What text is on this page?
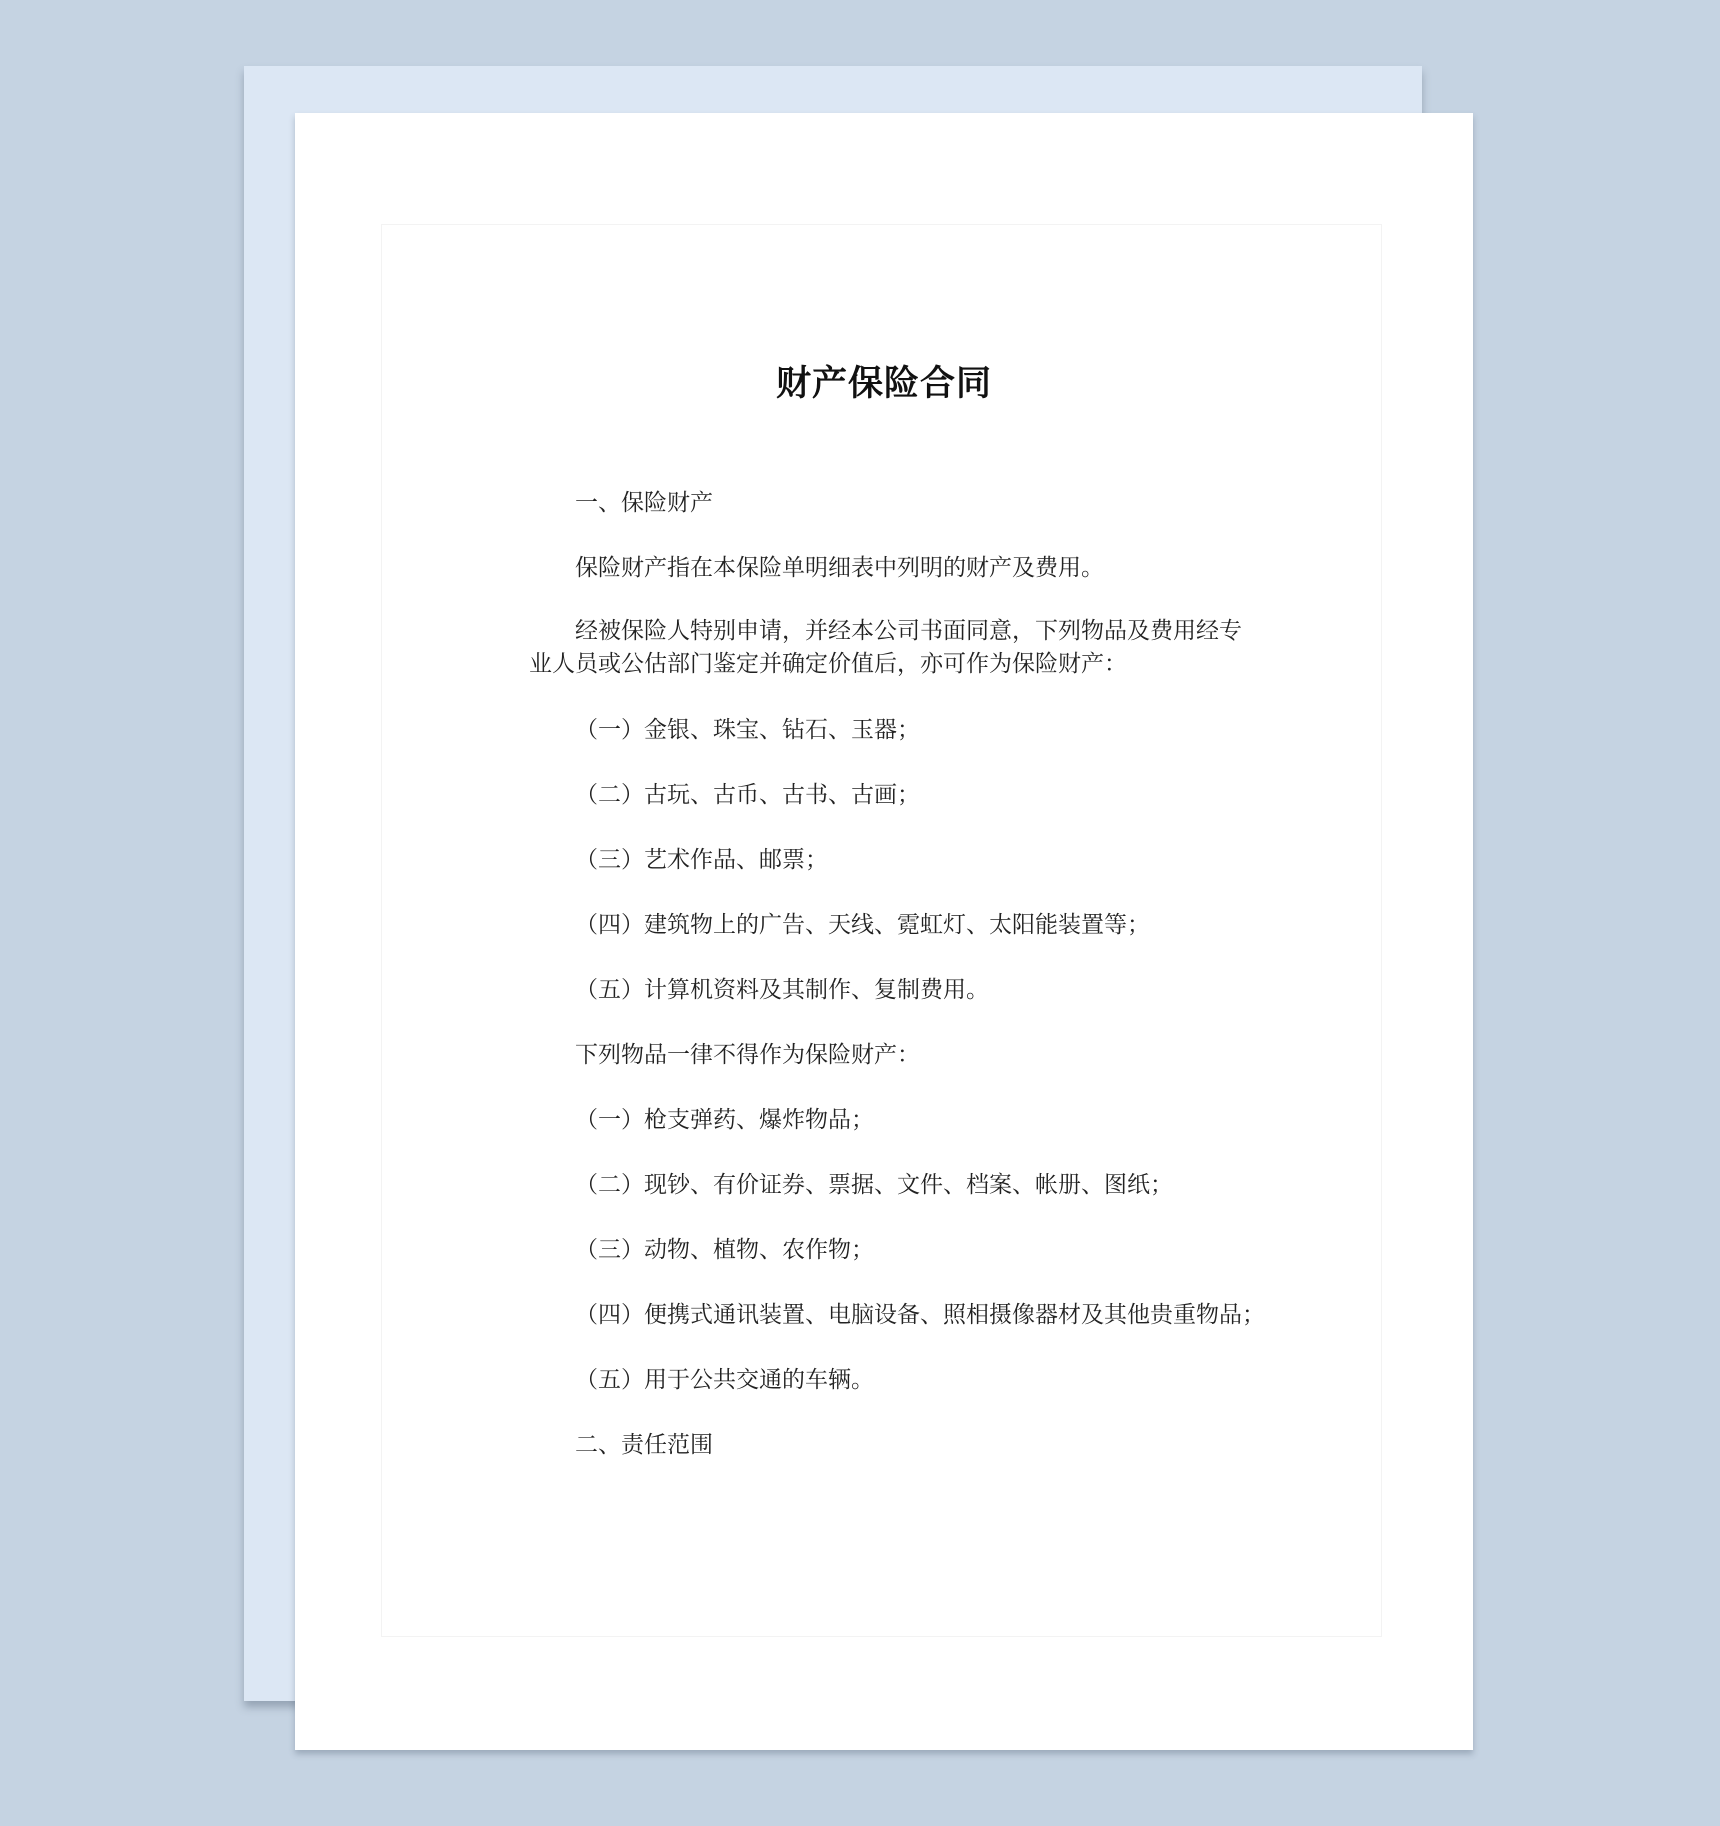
财产保险合同
一、保险财产
保险财产指在本保险单明细表中列明的财产及费用。
经被保险人特别申请，并经本公司书面同意，下列物品及费用经专业人员或公估部门鉴定并确定价值后，亦可作为保险财产：
（一）金银、珠宝、钻石、玉器；
（二）古玩、古币、古书、古画；
（三）艺术作品、邮票；
（四）建筑物上的广告、天线、霓虹灯、太阳能装置等；
（五）计算机资料及其制作、复制费用。
下列物品一律不得作为保险财产：
（一）枪支弹药、爆炸物品；
（二）现钞、有价证券、票据、文件、档案、帐册、图纸；
（三）动物、植物、农作物；
（四）便携式通讯装置、电脑设备、照相摄像器材及其他贵重物品；
（五）用于公共交通的车辆。
二、责任范围
